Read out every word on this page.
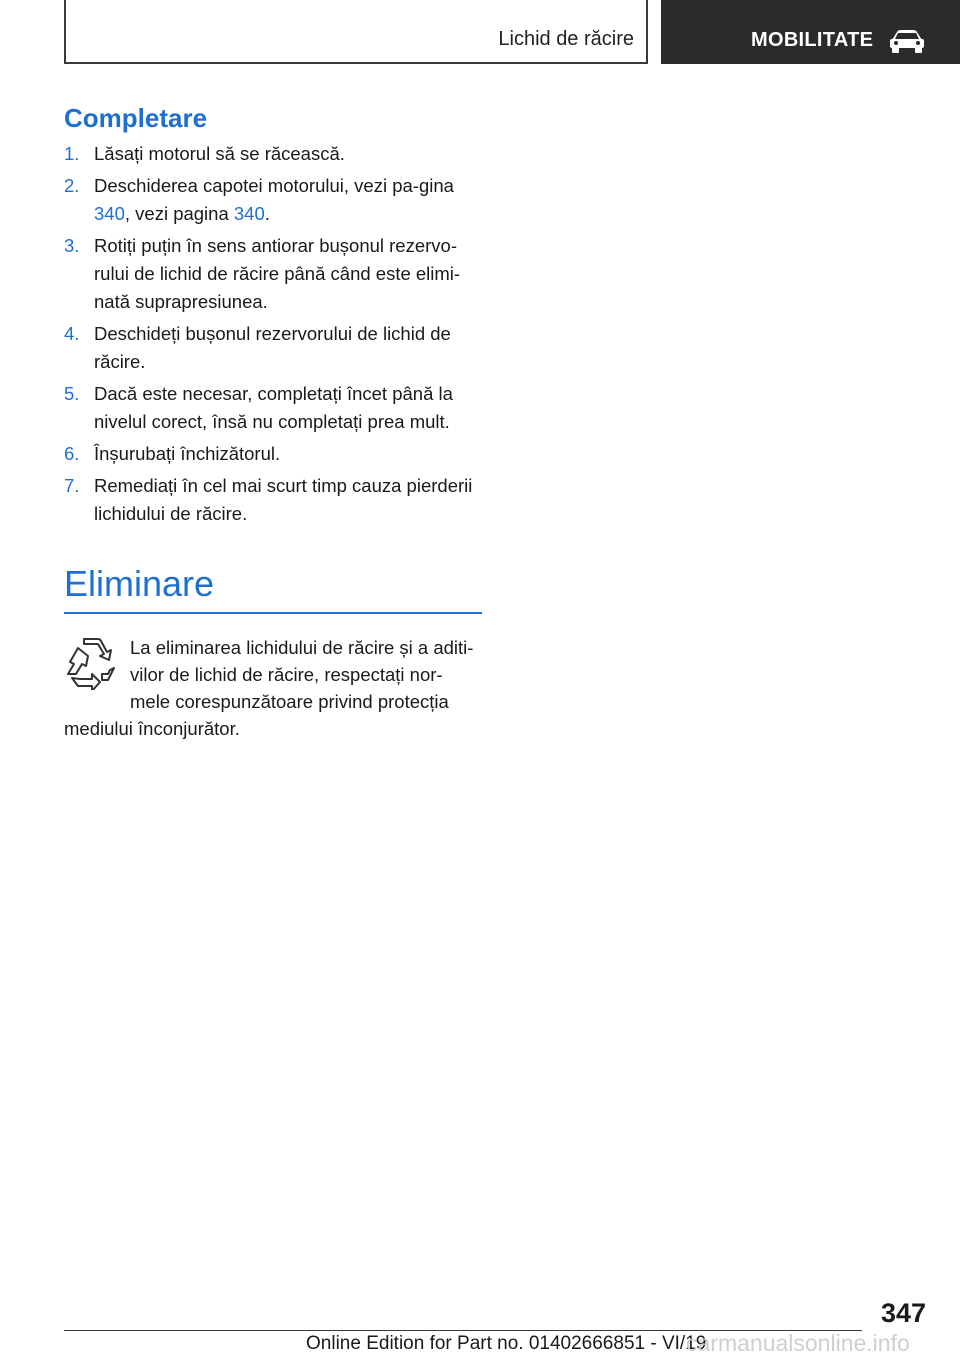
Lichid de răcire	MOBILITATE
Completare
1. Lăsați motorul să se răcească.
2. Deschiderea capotei motorului, vezi pa‐gina 340, vezi pagina 340.
3. Rotiți puțin în sens antiorar bușonul rezervo‐rului de lichid de răcire până când este elimi‐nată suprapresiunea.
4. Deschideți bușonul rezervorului de lichid de răcire.
5. Dacă este necesar, completați încet până la nivelul corect, însă nu completați prea mult.
6. Înșurubați închizătorul.
7. Remediați în cel mai scurt timp cauza pierderii lichidului de răcire.
Eliminare
La eliminarea lichidului de răcire și a aditi‐vilor de lichid de răcire, respectați nor‐mele corespunzătoare privind protecția mediului înconjurător.
347
Online Edition for Part no. 01402666851 - VI/19
carmanualsonline.info
